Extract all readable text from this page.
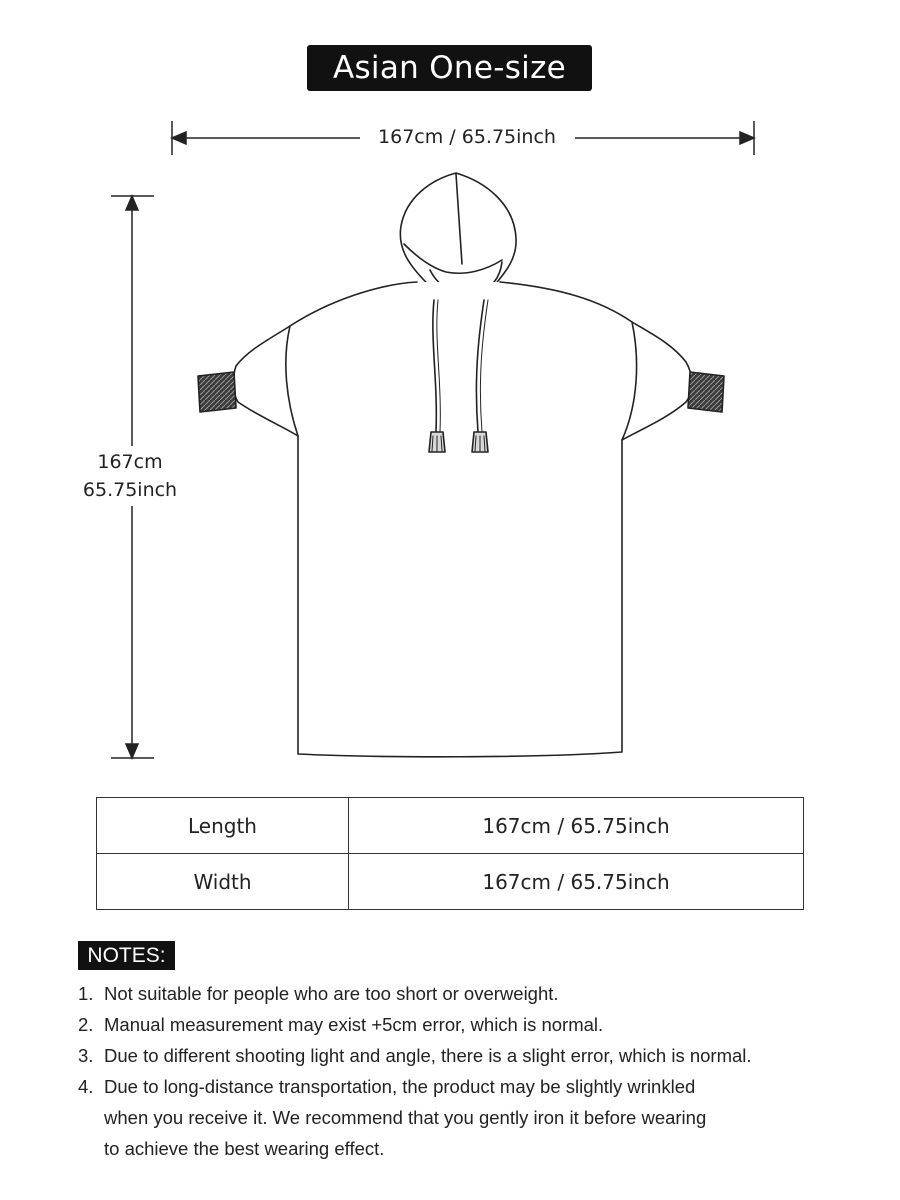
Asian One-size
167cm / 65.75inch
167cm
65.75inch
Length	167cm / 65.75inch
Width	167cm / 65.75inch
NOTES:
1. Not suitable for people who are too short or overweight.
2. Manual measurement may exist +5cm error, which is normal.
3. Due to different shooting light and angle, there is a slight error, which is normal.
4. Due to long-distance transportation, the product may be slightly wrinkled
when you receive it. We recommend that you gently iron it before wearing
to achieve the best wearing effect.
